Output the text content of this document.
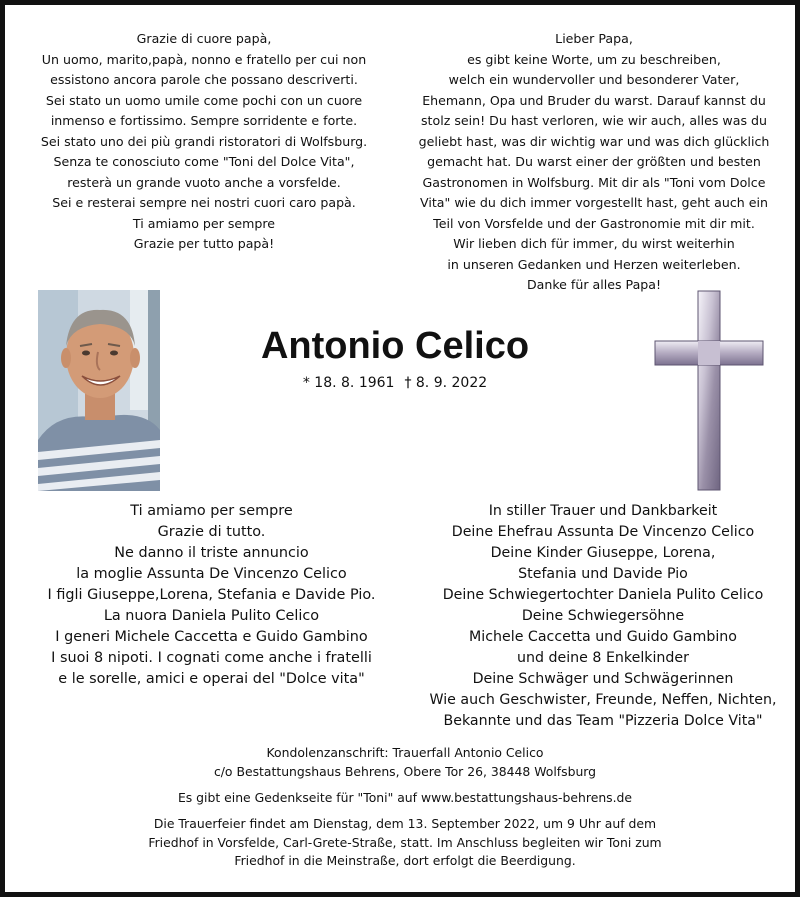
Grazie di cuore papà,
Un uomo, marito,papà, nonno e fratello per cui non
essistono ancora parole che possano descriverti.
Sei stato un uomo umile come pochi con un cuore
inmenso e fortissimo. Sempre sorridente e forte.
Sei stato uno dei più grandi ristoratori di Wolfsburg.
Senza te conosciuto come "Toni del Dolce Vita",
resterà un grande vuoto anche a vorsfelde.
Sei e resterai sempre nei nostri cuori caro papà.
Ti amiamo per sempre
Grazie per tutto papà!
Lieber Papa,
es gibt keine Worte, um zu beschreiben,
welch ein wundervoller und besonderer Vater,
Ehemann, Opa und Bruder du warst. Darauf kannst du
stolz sein! Du hast verloren, wie wir auch, alles was du
geliebt hast, was dir wichtig war und was dich glücklich
gemacht hat. Du warst einer der größten und besten
Gastronomen in Wolfsburg. Mit dir als "Toni vom Dolce
Vita" wie du dich immer vorgestellt hast, geht auch ein
Teil von Vorsfelde und der Gastronomie mit dir mit.
Wir lieben dich für immer, du wirst weiterhin
in unseren Gedanken und Herzen weiterleben.
Danke für alles Papa!
Antonio Celico
* 18. 8. 1961 † 8. 9. 2022
Ti amiamo per sempre
Grazie di tutto.
Ne danno il triste annuncio
la moglie Assunta De Vincenzo Celico
I figli Giuseppe,Lorena, Stefania e Davide Pio.
La nuora Daniela Pulito Celico
I generi Michele Caccetta e Guido Gambino
I suoi 8 nipoti. I cognati come anche i fratelli
e le sorelle, amici e operai del "Dolce vita"
In stiller Trauer und Dankbarkeit
Deine Ehefrau Assunta De Vincenzo Celico
Deine Kinder Giuseppe, Lorena,
Stefania und Davide Pio
Deine Schwiegertochter Daniela Pulito Celico
Deine Schwiegersöhne
Michele Caccetta und Guido Gambino
und deine 8 Enkelkinder
Deine Schwäger und Schwägerinnen
Wie auch Geschwister, Freunde, Neffen, Nichten,
Bekannte und das Team "Pizzeria Dolce Vita"
Kondolenzanschrift: Trauerfall Antonio Celico
c/o Bestattungshaus Behrens, Obere Tor 26, 38448 Wolfsburg
Es gibt eine Gedenkseite für "Toni" auf www.bestattungshaus-behrens.de
Die Trauerfeier findet am Dienstag, dem 13. September 2022, um 9 Uhr auf dem
Friedhof in Vorsfelde, Carl-Grete-Straße, statt. Im Anschluss begleiten wir Toni zum
Friedhof in die Meinstraße, dort erfolgt die Beerdigung.
